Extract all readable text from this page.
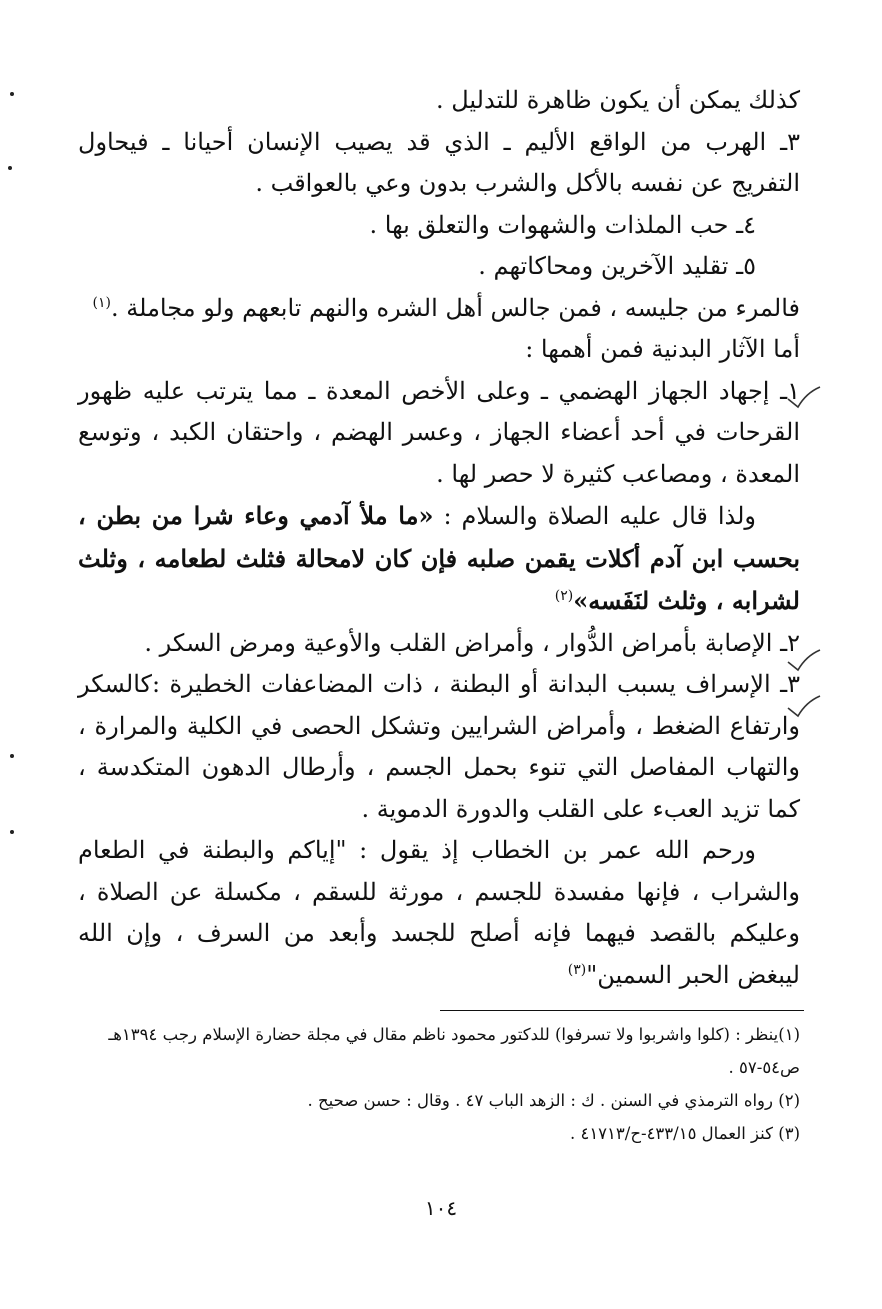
كذلك يمكن أن يكون ظاهرة للتدليل .

٣ـ الهرب من الواقع الأليم ـ الذي قد يصيب الإنسان أحيانا ـ فيحاول التفريج عن نفسه بالأكل والشرب بدون وعي بالعواقب .

٤ـ حب الملذات والشهوات والتعلق بها .

٥ـ تقليد الآخرين ومحاكاتهم .

فالمرء من جليسه ، فمن جالس أهل الشره والنهم تابعهم ولو مجاملة .$^{(١)}$

أما الآثار البدنية فمن أهمها :

١ـ إجهاد الجهاز الهضمي ـ وعلى الأخص المعدة ـ مما يترتب عليه ظهور القرحات في أحد أعضاء الجهاز ، وعسر الهضم ، واحتقان الكبد ، وتوسع المعدة ، ومصاعب كثيرة لا حصر لها .

ولذا قال عليه الصلاة والسلام : «ما ملأ آدمي وعاء شرا من بطن ، بحسب ابن آدم أكلات يقمن صلبه فإن كان لامحالة فثلث لطعامه ، وثلث لشرابه ، وثلث لنَفَسه»$^{(٢)}$

٢ـ الإصابة بأمراض الدُّوار ، وأمراض القلب والأوعية ومرض السكر .

٣ـ الإسراف يسبب البدانة أو البطنة ، ذات المضاعفات الخطيرة :كالسكر وارتفاع الضغط ، وأمراض الشرايين وتشكل الحصى في الكلية والمرارة ، والتهاب المفاصل التي تنوء بحمل الجسم ، وأرطال الدهون المتكدسة ، كما تزيد العبء على القلب والدورة الدموية .

ورحم الله عمر بن الخطاب إذ يقول : "إياكم والبطنة في الطعام والشراب ، فإنها مفسدة للجسم ، مورثة للسقم ، مكسلة عن الصلاة ، وعليكم بالقصد فيهما فإنه أصلح للجسد وأبعد من السرف ، وإن الله ليبغض الحبر السمين"$^{(٣)}$

(١)ينظر : (كلوا واشربوا ولا تسرفوا) للدكتور محمود ناظم مقال في مجلة حضارة الإسلام رجب ١٣٩٤هـ ص٥٤-٥٧ .

(٢) رواه الترمذي في السنن . ك : الزهد الباب ٤٧ . وقال : حسن صحيح .

(٣) كنز العمال ٤٣٣/١٥-ح/٤١٧١٣ .

١٠٤
